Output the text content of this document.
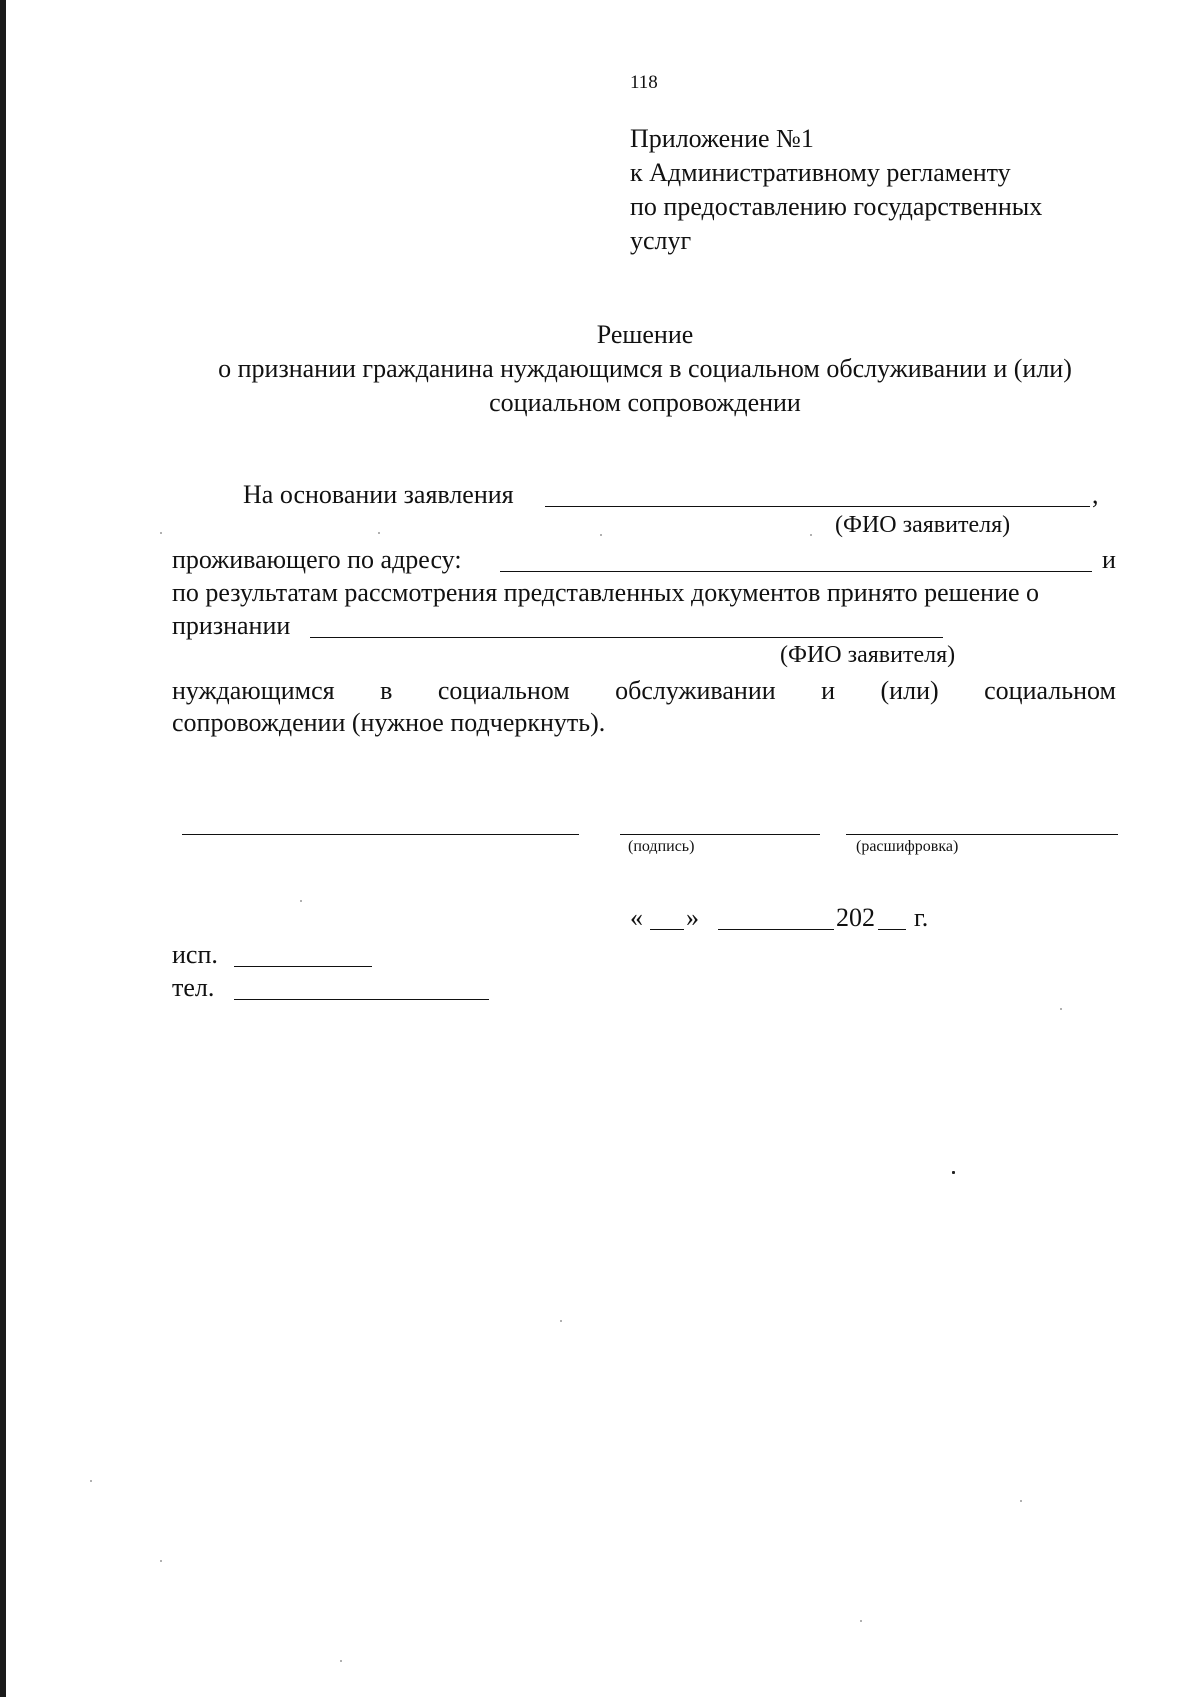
118
Приложение №1
к Административному регламенту
по предоставлению государственных
услуг
Решение
о признании гражданина нуждающимся в социальном обслуживании и (или)
социальном сопровождении
На основании заявления	,
(ФИО заявителя)
проживающего по адресу:	и
по результатам рассмотрения представленных документов принято решение о
признании
(ФИО заявителя)
нуждающимся в социальном обслуживании и (или) социальном
сопровождении (нужное подчеркнуть).
(подпись)	(расшифровка)
« »	202 г.
исп.
тел.
